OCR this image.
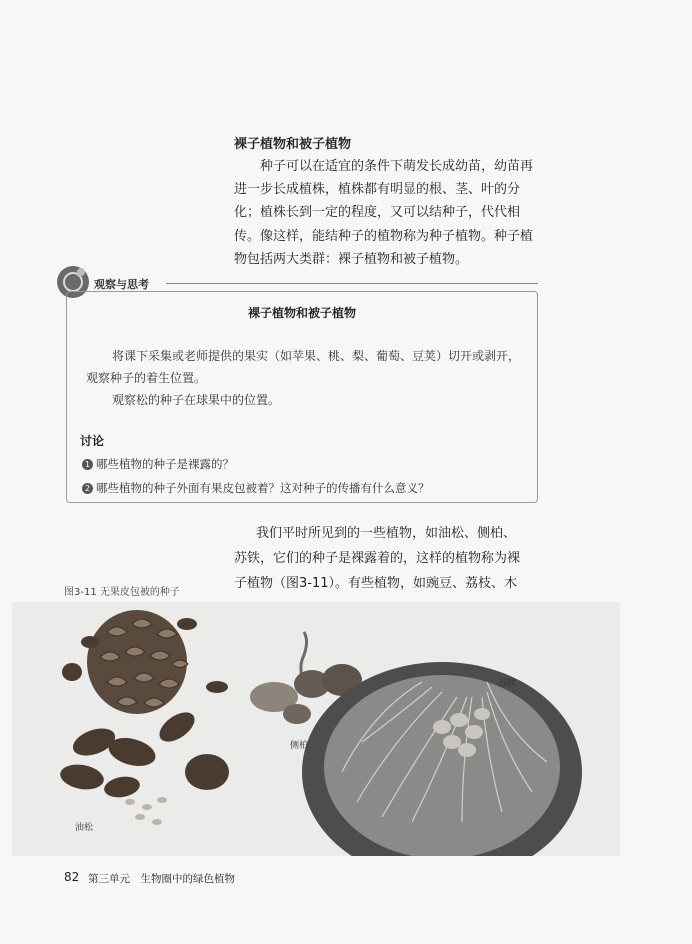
裸子植物和被子植物

种子可以在适宜的条件下萌发长成幼苗，幼苗再进一步长成植株，植株都有明显的根、茎、叶的分化；植株长到一定的程度，又可以结种子，代代相传。像这样，能结种子的植物称为种子植物。种子植物包括两大类群：裸子植物和被子植物。

观察与思考
裸子植物和被子植物

将课下采集或老师提供的果实（如苹果、桃、梨、葡萄、豆荚）切开或剥开，观察种子的着生位置。

观察松的种子在球果中的位置。

讨论
1 哪些植物的种子是裸露的？
2 哪些植物的种子外面有果皮包被着？这对种子的传播有什么意义？
我们平时所见到的一些植物，如油松、侧柏、
苏铁，它们的种子是裸露着的，这样的植物称为裸
子植物（图3-11）。有些植物，如豌豆、荔枝、木
图3-11 无果皮包被的种子
油松
侧柏
苏铁
82 第三单元　生物圈中的绿色植物
